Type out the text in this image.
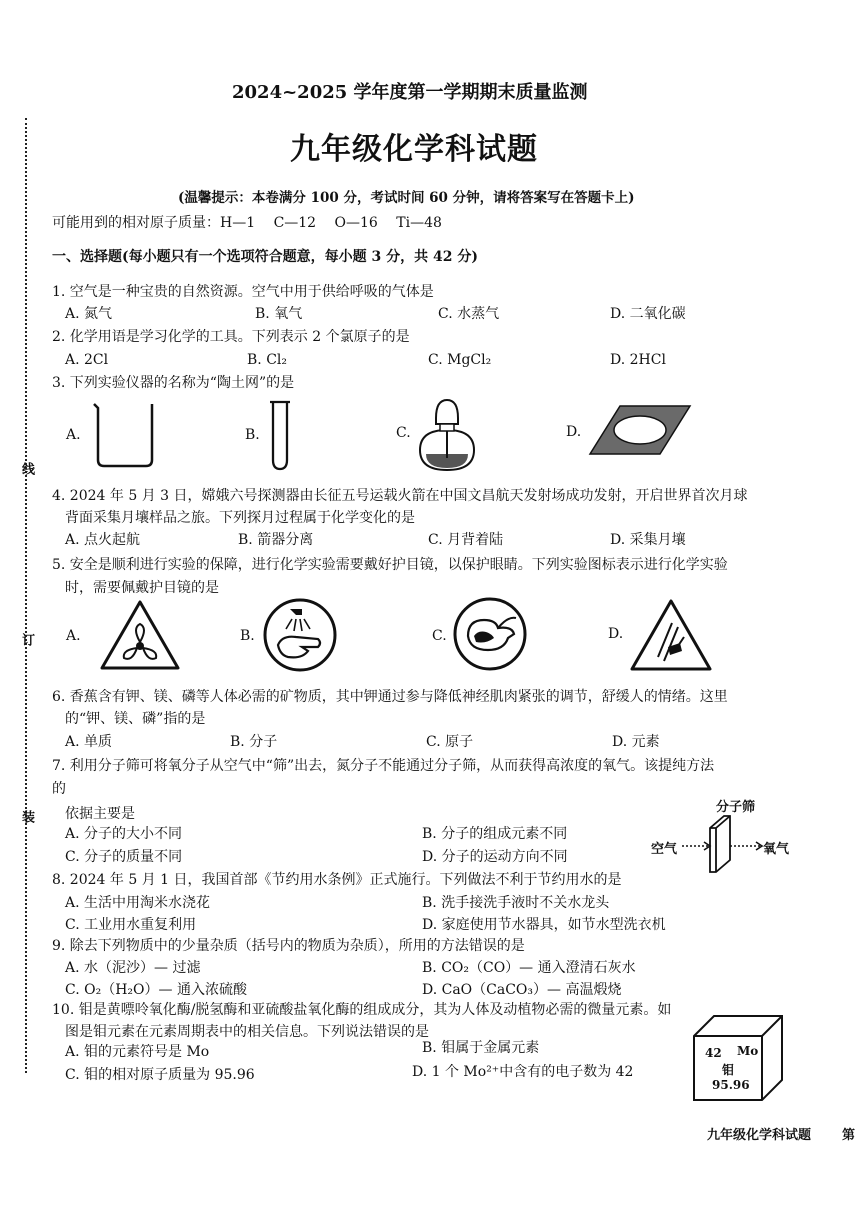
2024~2025 学年度第一学期期末质量监测
九年级化学科试题
(温馨提示：本卷满分 100 分，考试时间 60 分钟，请将答案写在答题卡上)
可能用到的相对原子质量：H—1　 C—12　 O—16　 Ti—48
一、选择题(每小题只有一个选项符合题意，每小题 3 分，共 42 分)
线
订
装
1. 空气是一种宝贵的自然资源。空气中用于供给呼吸的气体是
A. 氮气	B. 氧气	C. 水蒸气	D. 二氧化碳
2. 化学用语是学习化学的工具。下列表示 2 个氯原子的是
A. 2Cl	B. Cl₂	C. MgCl₂	D. 2HCl
3. 下列实验仪器的名称为“陶土网”的是
A.	B.	C.	D.
4. 2024 年 5 月 3 日，嫦娥六号探测器由长征五号运载火箭在中国文昌航天发射场成功发射，开启世界首次月球
背面采集月壤样品之旅。下列探月过程属于化学变化的是
A. 点火起航	B. 箭器分离	C. 月背着陆	D. 采集月壤
5. 安全是顺利进行实验的保障，进行化学实验需要戴好护目镜，以保护眼睛。下列实验图标表示进行化学实验
时，需要佩戴护目镜的是
A.	B.	C.	D.
6. 香蕉含有钾、镁、磷等人体必需的矿物质，其中钾通过参与降低神经肌肉紧张的调节，舒缓人的情绪。这里
的“钾、镁、磷”指的是
A. 单质	B. 分子	C. 原子	D. 元素
7. 利用分子筛可将氧分子从空气中“筛”出去，氮分子不能通过分子筛，从而获得高浓度的氧气。该提纯方法
的
依据主要是
A. 分子的大小不同	B. 分子的组成元素不同
C. 分子的质量不同	D. 分子的运动方向不同
分子筛
空气	氧气
8. 2024 年 5 月 1 日，我国首部《节约用水条例》正式施行。下列做法不利于节约用水的是
A. 生活中用淘米水浇花	B. 洗手接洗手液时不关水龙头
C. 工业用水重复利用	D. 家庭使用节水器具，如节水型洗衣机
9. 除去下列物质中的少量杂质（括号内的物质为杂质），所用的方法错误的是
A. 水（泥沙）— 过滤	B. CO₂（CO）— 通入澄清石灰水
C. O₂（H₂O）— 通入浓硫酸	D. CaO（CaCO₃）— 高温煅烧
10. 钼是黄嘌呤氧化酶/脱氢酶和亚硫酸盐氧化酶的组成成分，其为人体及动植物必需的微量元素。如
图是钼元素在元素周期表中的相关信息。下列说法错误的是
A. 钼的元素符号是 Mo	B. 钼属于金属元素
C. 钼的相对原子质量为 95.96	D. 1 个 Mo²⁺中含有的电子数为 42
42 Mo
钼
95.96
九年级化学科试题 第
